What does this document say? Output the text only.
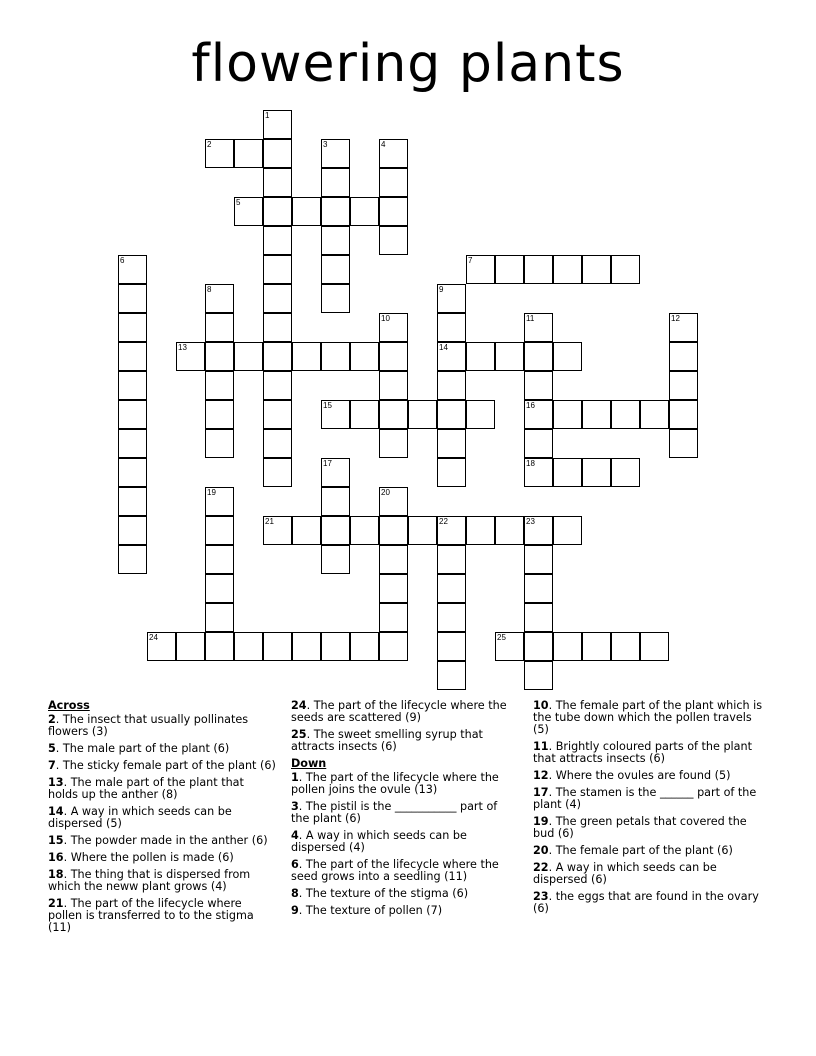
flowering plants
1
2	3	4
5
6	7
8	9
14
10	11
16
18
12
13
15
17
19	20
21	22	23
24	25
Across
2. The insect that usually pollinates flowers (3)
5. The male part of the plant (6)
7. The sticky female part of the plant (6)
13. The male part of the plant that holds up the anther (8)
14. A way in which seeds can be dispersed (5)
15. The powder made in the anther (6)
16. Where the pollen is made (6)
18. The thing that is dispersed from which the neww plant grows (4)
21. The part of the lifecycle where pollen is transferred to to the stigma (11)
24. The part of the lifecycle where the seeds are scattered (9)
25. The sweet smelling syrup that attracts insects (6)
Down
1. The part of the lifecycle where the pollen joins the ovule (13)
3. The pistil is the ___________ part of the plant (6)
4. A way in which seeds can be dispersed (4)
6. The part of the lifecycle where the seed grows into a seedling (11)
8. The texture of the stigma (6)
9. The texture of pollen (7)
10. The female part of the plant which is the tube down which the pollen travels (5)
11. Brightly coloured parts of the plant that attracts insects (6)
12. Where the ovules are found (5)
17. The stamen is the ______ part of the plant (4)
19. The green petals that covered the bud (6)
20. The female part of the plant (6)
22. A way in which seeds can be dispersed (6)
23. the eggs that are found in the ovary (6)
